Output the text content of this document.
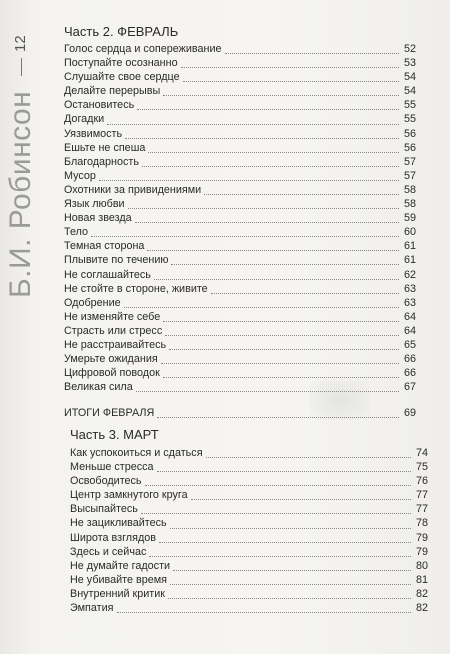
12
Б.И. Робинсон
Часть 2. ФЕВРАЛЬ
Голос сердца и сопереживание	52
Поступайте осознанно	53
Слушайте свое сердце	54
Делайте перерывы	54
Остановитесь	55
Догадки	55
Уязвимость	56
Ешьте не спеша	56
Благодарность	57
Мусор	57
Охотники за привидениями	58
Язык любви	58
Новая звезда	59
Тело	60
Темная сторона	61
Плывите по течению	61
Не соглашайтесь	62
Не стойте в стороне, живите	63
Одобрение	63
Не изменяйте себе	64
Страсть или стресс	64
Не расстраивайтесь	65
Умерьте ожидания	66
Цифровой поводок	66
Великая сила	67
ИТОГИ ФЕВРАЛЯ	69
Часть 3. МАРТ
Как успокоиться и сдаться	74
Меньше стресса	75
Освободитесь	76
Центр замкнутого круга	77
Высыпайтесь	77
Не зацикливайтесь	78
Широта взглядов	79
Здесь и сейчас	79
Не думайте гадости	80
Не убивайте время	81
Внутренний критик	82
Эмпатия	82
